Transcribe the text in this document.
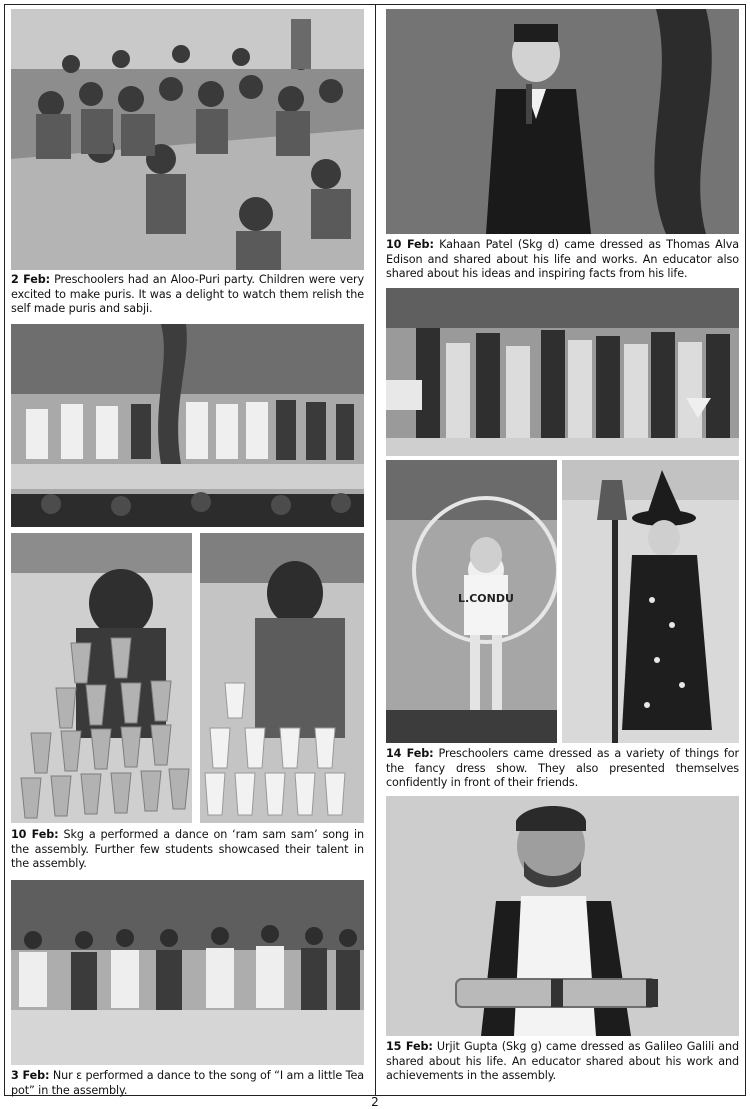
2 Feb: Preschoolers had an Aloo-Puri party. Children were very excited to make puris. It was a delight to watch them relish the self made puris and sabji.
10 Feb: Skg a performed a dance on ‘ram sam sam’ song in the assembly. Further few students showcased their talent in the assembly.
3 Feb: Nur ε performed a dance to the song of “I am a little Tea pot” in the assembly.
10 Feb: Kahaan Patel (Skg d) came dressed as Thomas Alva Edison and shared about his life and works. An educator also shared about his ideas and inspiring facts from his life.
L.CONDU
14 Feb: Preschoolers came dressed as a variety of things for the fancy dress show. They also presented themselves confidently in front of their friends.
15 Feb: Urjit Gupta (Skg g) came dressed as Galileo Galili and shared about his life. An educator shared about his work and achievements in the assembly.
2
